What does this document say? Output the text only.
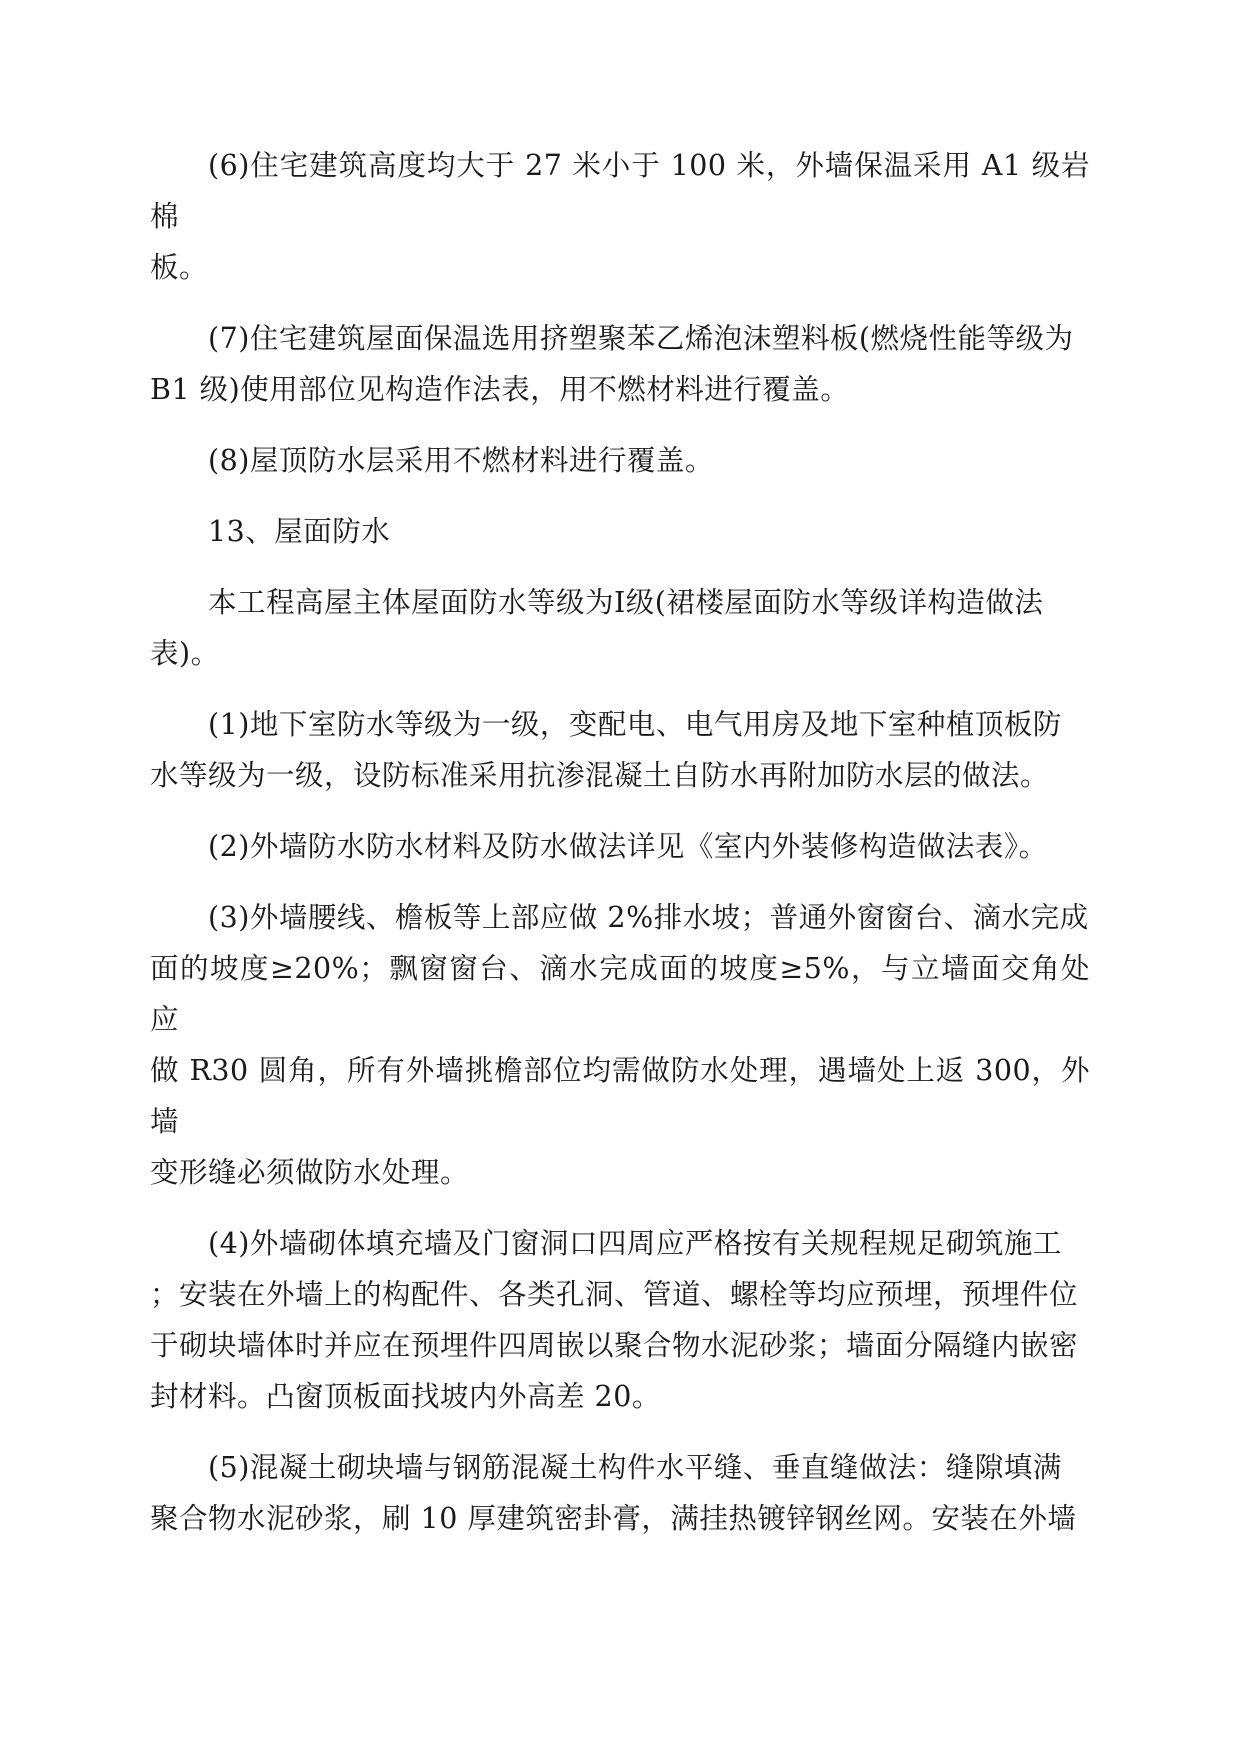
(6)住宅建筑高度均大于 27 米小于 100 米，外墙保温采用 A1 级岩棉
板。

(7)住宅建筑屋面保温选用挤塑聚苯乙烯泡沫塑料板(燃烧性能等级为
B1 级)使用部位见构造作法表，用不燃材料进行覆盖。

(8)屋顶防水层采用不燃材料进行覆盖。

13、屋面防水

本工程高屋主体屋面防水等级为Ⅰ级(裙楼屋面防水等级详构造做法
表)。

(1)地下室防水等级为一级，变配电、电气用房及地下室种植顶板防
水等级为一级，设防标准采用抗渗混凝土自防水再附加防水层的做法。

(2)外墙防水防水材料及防水做法详见《室内外装修构造做法表》。

(3)外墙腰线、檐板等上部应做 2%排水坡；普通外窗窗台、滴水完成
面的坡度≥20%；飘窗窗台、滴水完成面的坡度≥5%，与立墙面交角处应
做 R30 圆角，所有外墙挑檐部位均需做防水处理，遇墙处上返 300，外墙
变形缝必须做防水处理。

(4)外墙砌体填充墙及门窗洞口四周应严格按有关规程规足砌筑施工
；安装在外墙上的构配件、各类孔洞、管道、螺栓等均应预埋，预埋件位
于砌块墙体时并应在预埋件四周嵌以聚合物水泥砂浆；墙面分隔缝内嵌密
封材料。凸窗顶板面找坡内外高差 20。

(5)混凝土砌块墙与钢筋混凝土构件水平缝、垂直缝做法：缝隙填满
聚合物水泥砂浆，刷 10 厚建筑密卦膏，满挂热镀锌钢丝网。安装在外墙
